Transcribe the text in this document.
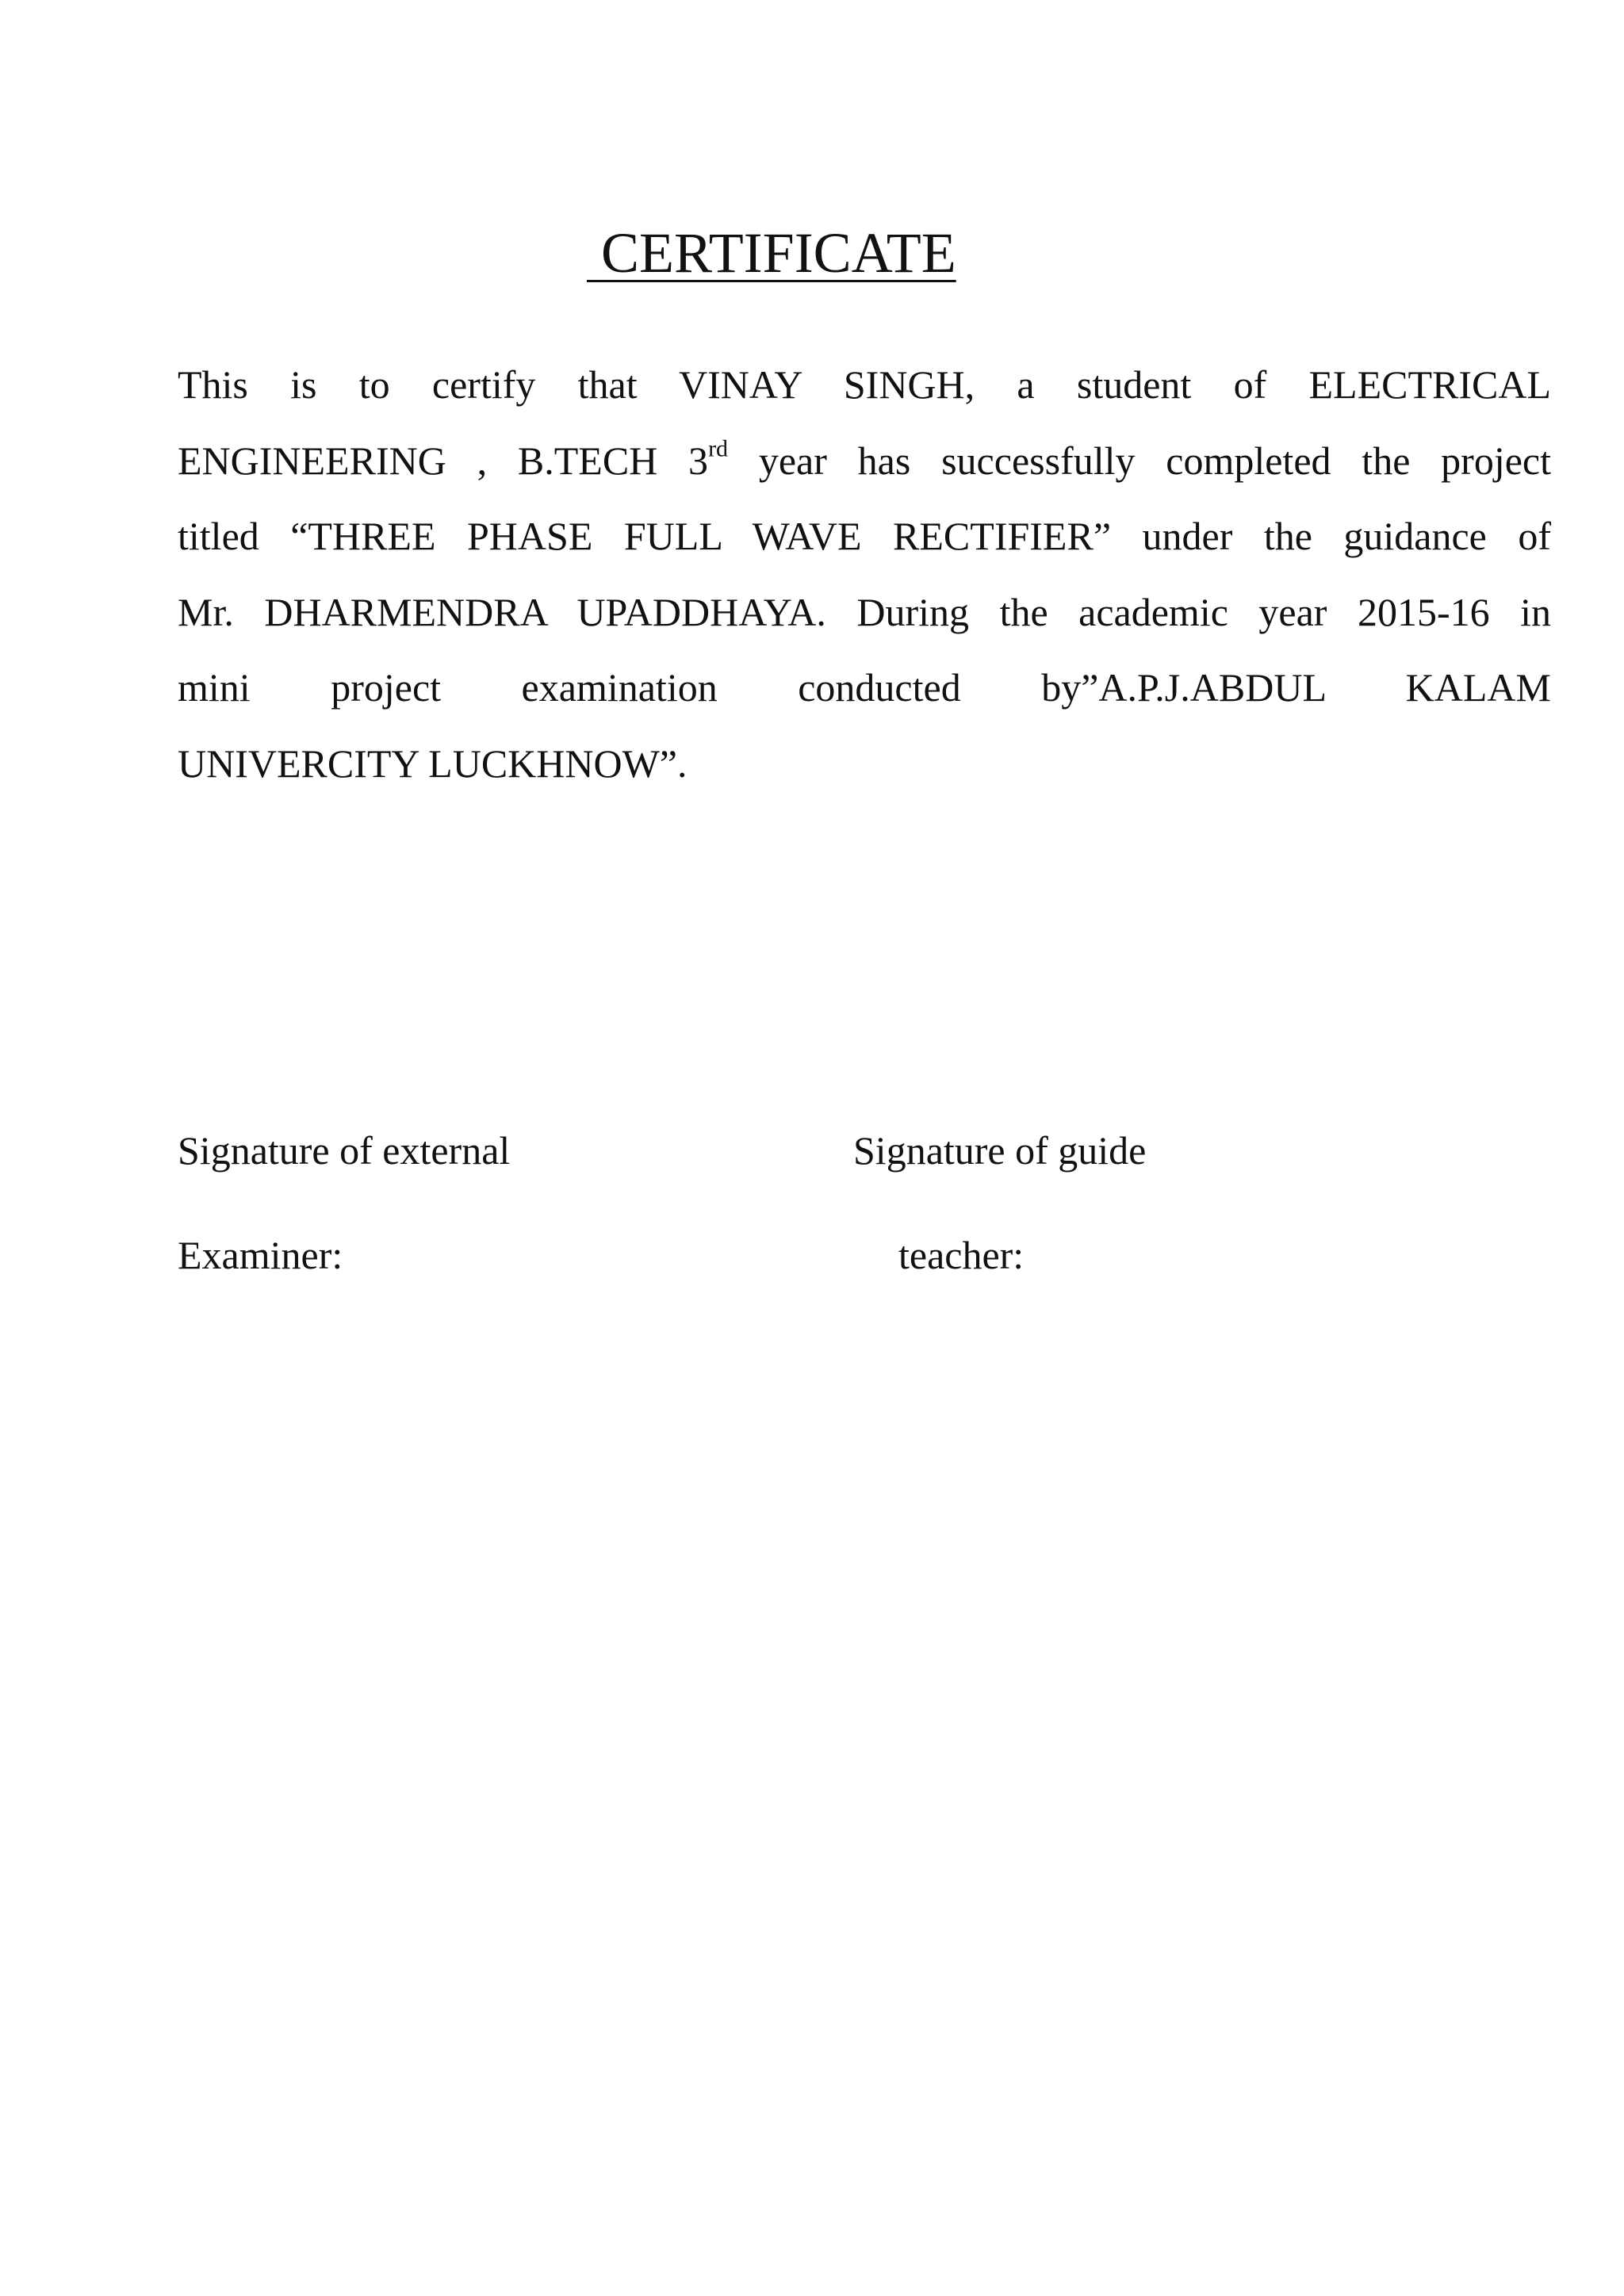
CERTIFICATE
This is to certify that VINAY SINGH, a student of ELECTRICAL
ENGINEERING , B.TECH 3rd year has successfully completed the project
titled “THREE PHASE FULL WAVE RECTIFIER” under the guidance of
Mr. DHARMENDRA UPADDHAYA. During the academic year 2015-16 in
mini project examination conducted by”A.P.J.ABDUL KALAM
UNIVERCITY LUCKHNOW”.
Signature of external
Examiner:
Signature of guide
teacher:
